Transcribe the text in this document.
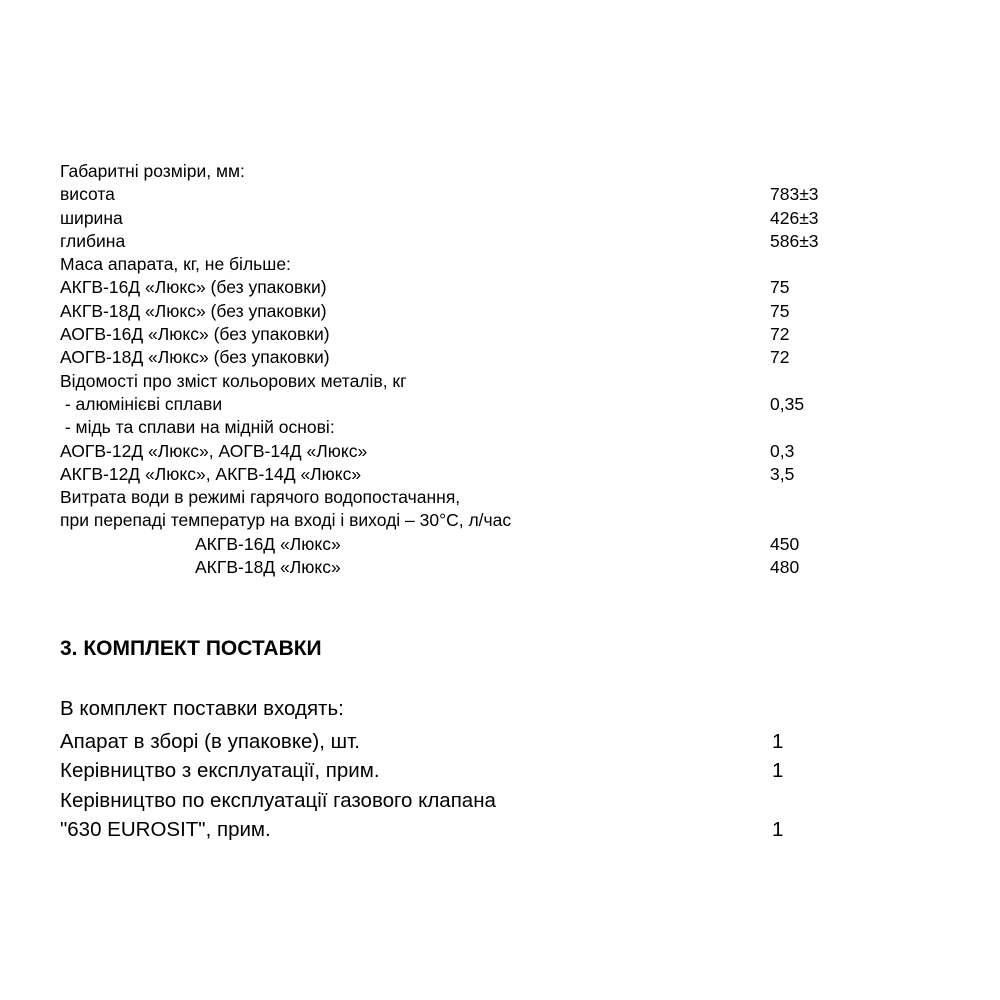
Габаритні розміри, мм:
висота	783±3
ширина	426±3
глибина	586±3
Маса апарата, кг, не більше:
АКГВ-16Д «Люкс» (без упаковки)	75
АКГВ-18Д «Люкс» (без упаковки)	75
АОГВ-16Д «Люкс» (без упаковки)	72
АОГВ-18Д «Люкс» (без упаковки)	72
Відомості про зміст кольорових металів, кг
- алюмінієві сплави	0,35
- мідь та сплави на мідній основі:
АОГВ-12Д «Люкс», АОГВ-14Д «Люкс»	0,3
АКГВ-12Д «Люкс», АКГВ-14Д «Люкс»	3,5
Витрата води в режимі гарячого водопостачання,
при перепаді температур на вході і виході – 30°C, л/час
АКГВ-16Д «Люкс»	450
АКГВ-18Д «Люкс»	480
3. КОМПЛЕКТ ПОСТАВКИ
В комплект поставки входять:
Апарат в зборі (в упаковке), шт.	1
Керівництво з експлуатації, прим.	1
Керівництво по експлуатації газового клапана
"630 EUROSIT", прим.	1
